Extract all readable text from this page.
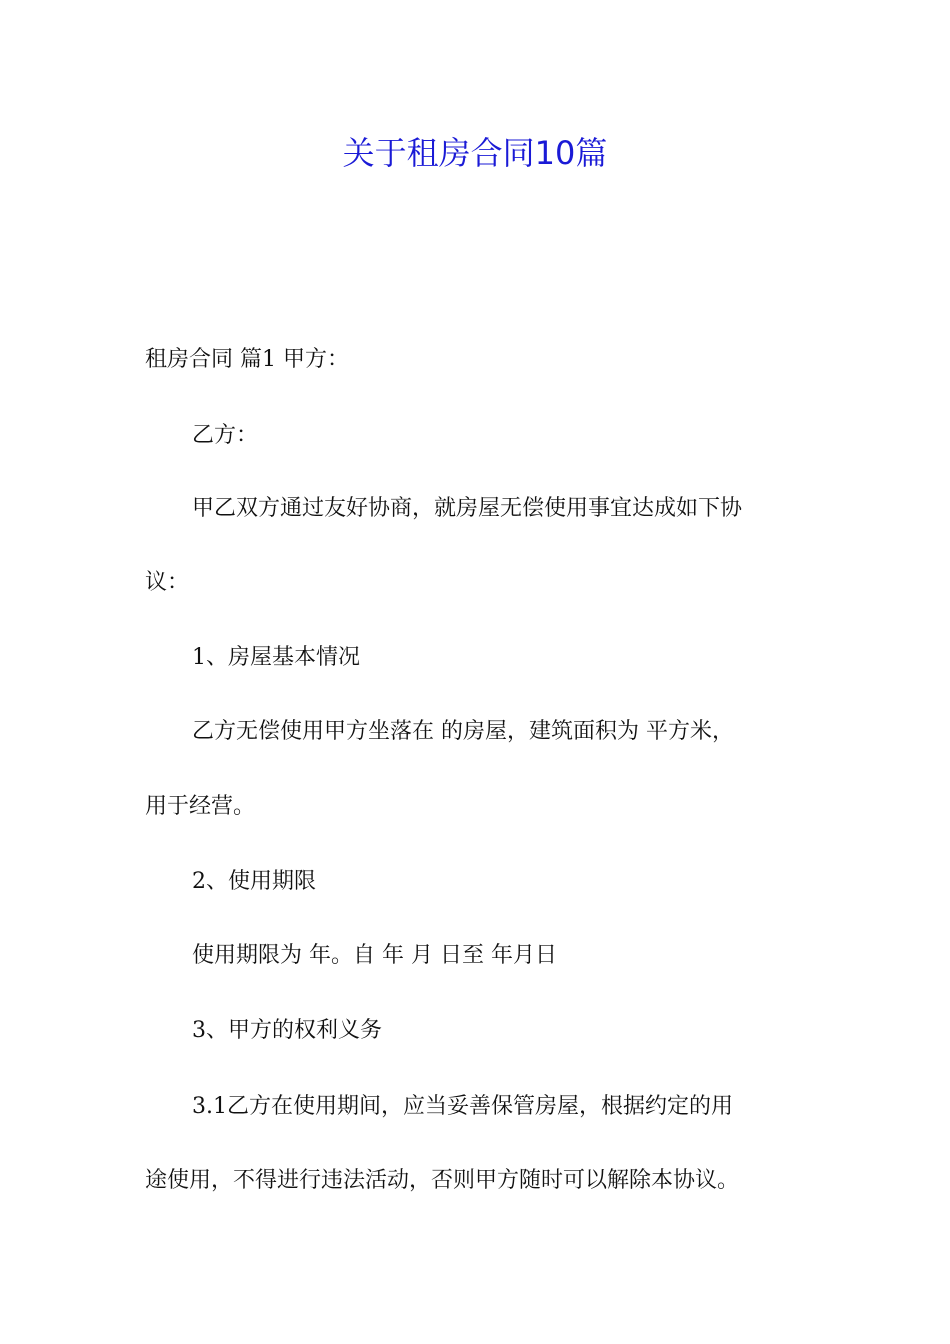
关于租房合同10篇
租房合同 篇1 甲方：
乙方：
甲乙双方通过友好协商，就房屋无偿使用事宜达成如下协
议：
1、房屋基本情况
乙方无偿使用甲方坐落在 的房屋，建筑面积为 平方米，
用于经营。
2、使用期限
使用期限为 年。自 年 月 日至 年月日
3、甲方的权利义务
3.1乙方在使用期间，应当妥善保管房屋，根据约定的用
途使用，不得进行违法活动，否则甲方随时可以解除本协议。
